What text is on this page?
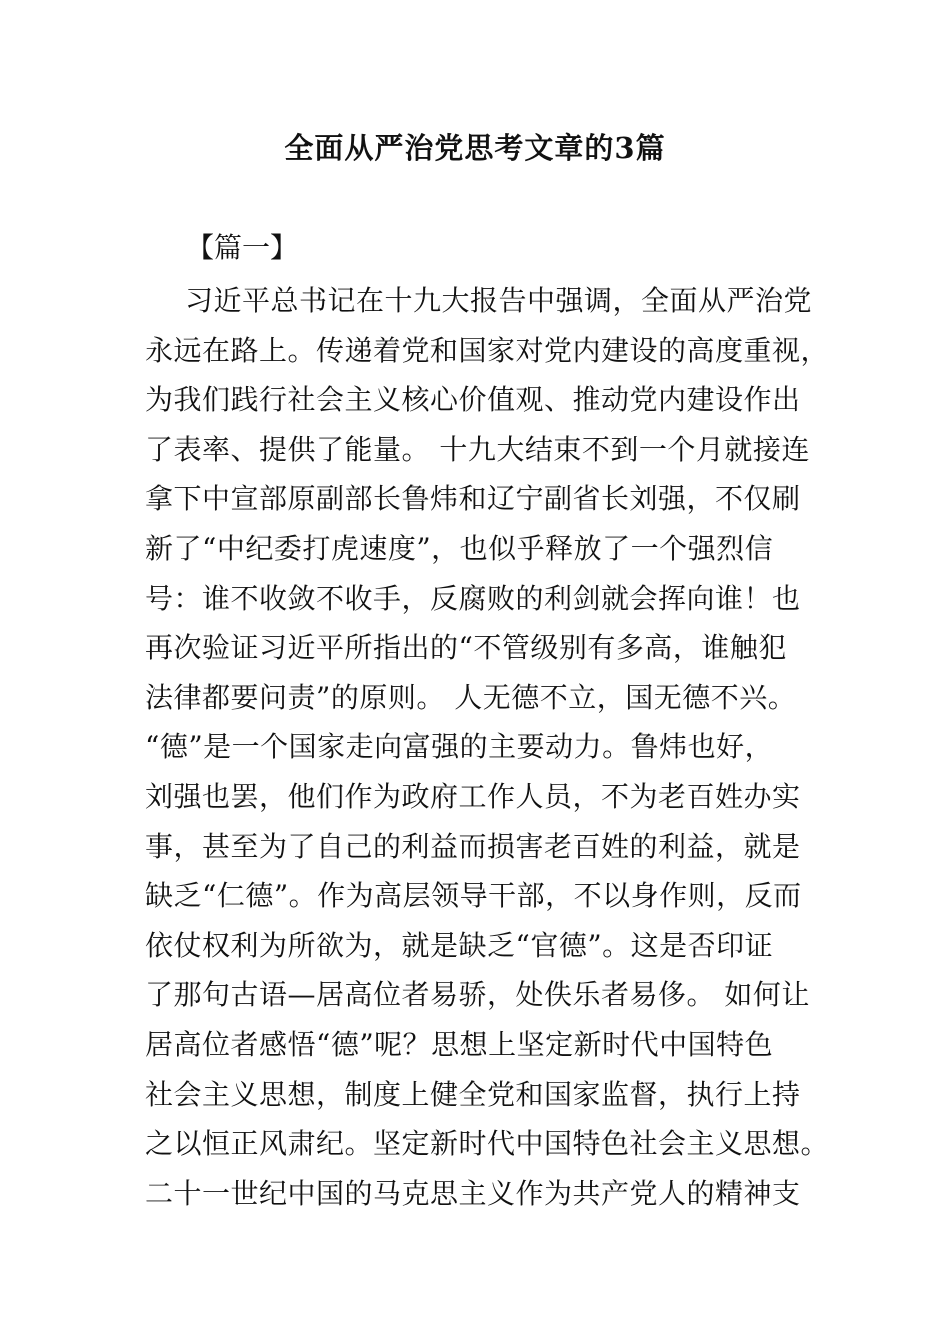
全面从严治党思考文章的3篇
【篇一】
习近平总书记在十九大报告中强调，全面从严治党
永远在路上。传递着党和国家对党内建设的高度重视，
为我们践行社会主义核心价值观、推动党内建设作出
了表率、提供了能量。 十九大结束不到一个月就接连
拿下中宣部原副部长鲁炜和辽宁副省长刘强，不仅刷
新了“中纪委打虎速度”，也似乎释放了一个强烈信
号：谁不收敛不收手，反腐败的利剑就会挥向谁！也
再次验证习近平所指出的“不管级别有多高，谁触犯
法律都要问责”的原则。 人无德不立，国无德不兴。
“德”是一个国家走向富强的主要动力。鲁炜也好，
刘强也罢，他们作为政府工作人员，不为老百姓办实
事，甚至为了自己的利益而损害老百姓的利益，就是
缺乏“仁德”。作为高层领导干部，不以身作则，反而
依仗权利为所欲为，就是缺乏“官德”。这是否印证
了那句古语—居高位者易骄，处佚乐者易侈。 如何让
居高位者感悟“德”呢？思想上坚定新时代中国特色
社会主义思想，制度上健全党和国家监督，执行上持
之以恒正风肃纪。坚定新时代中国特色社会主义思想。
二十一世纪中国的马克思主义作为共产党人的精神支
